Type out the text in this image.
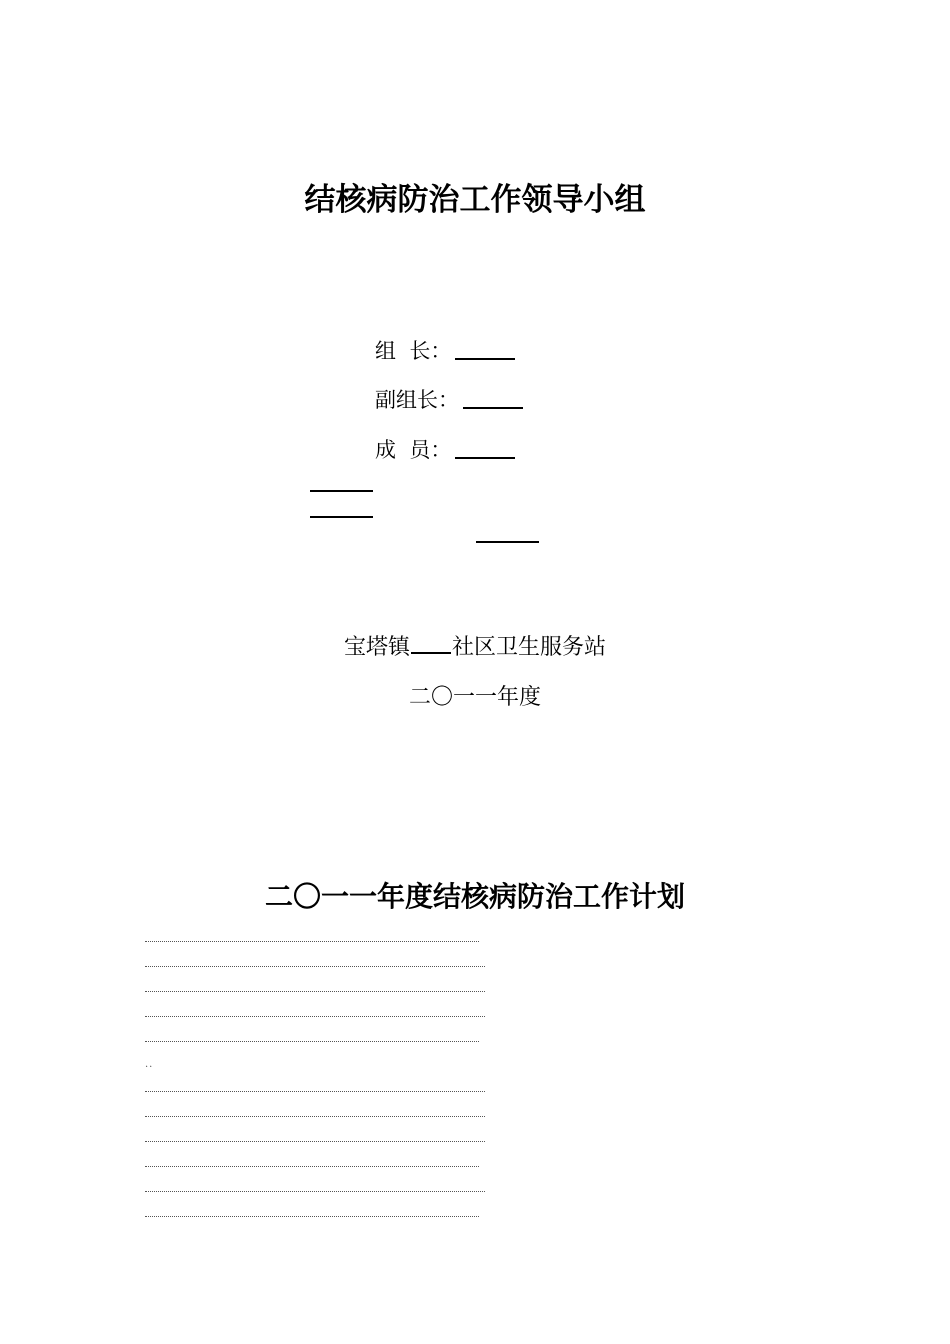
结核病防治工作领导小组
组  长：
副组长：
成  员：
宝塔镇 社区卫生服务站
二〇一一年度
二〇一一年度结核病防治工作计划
..
